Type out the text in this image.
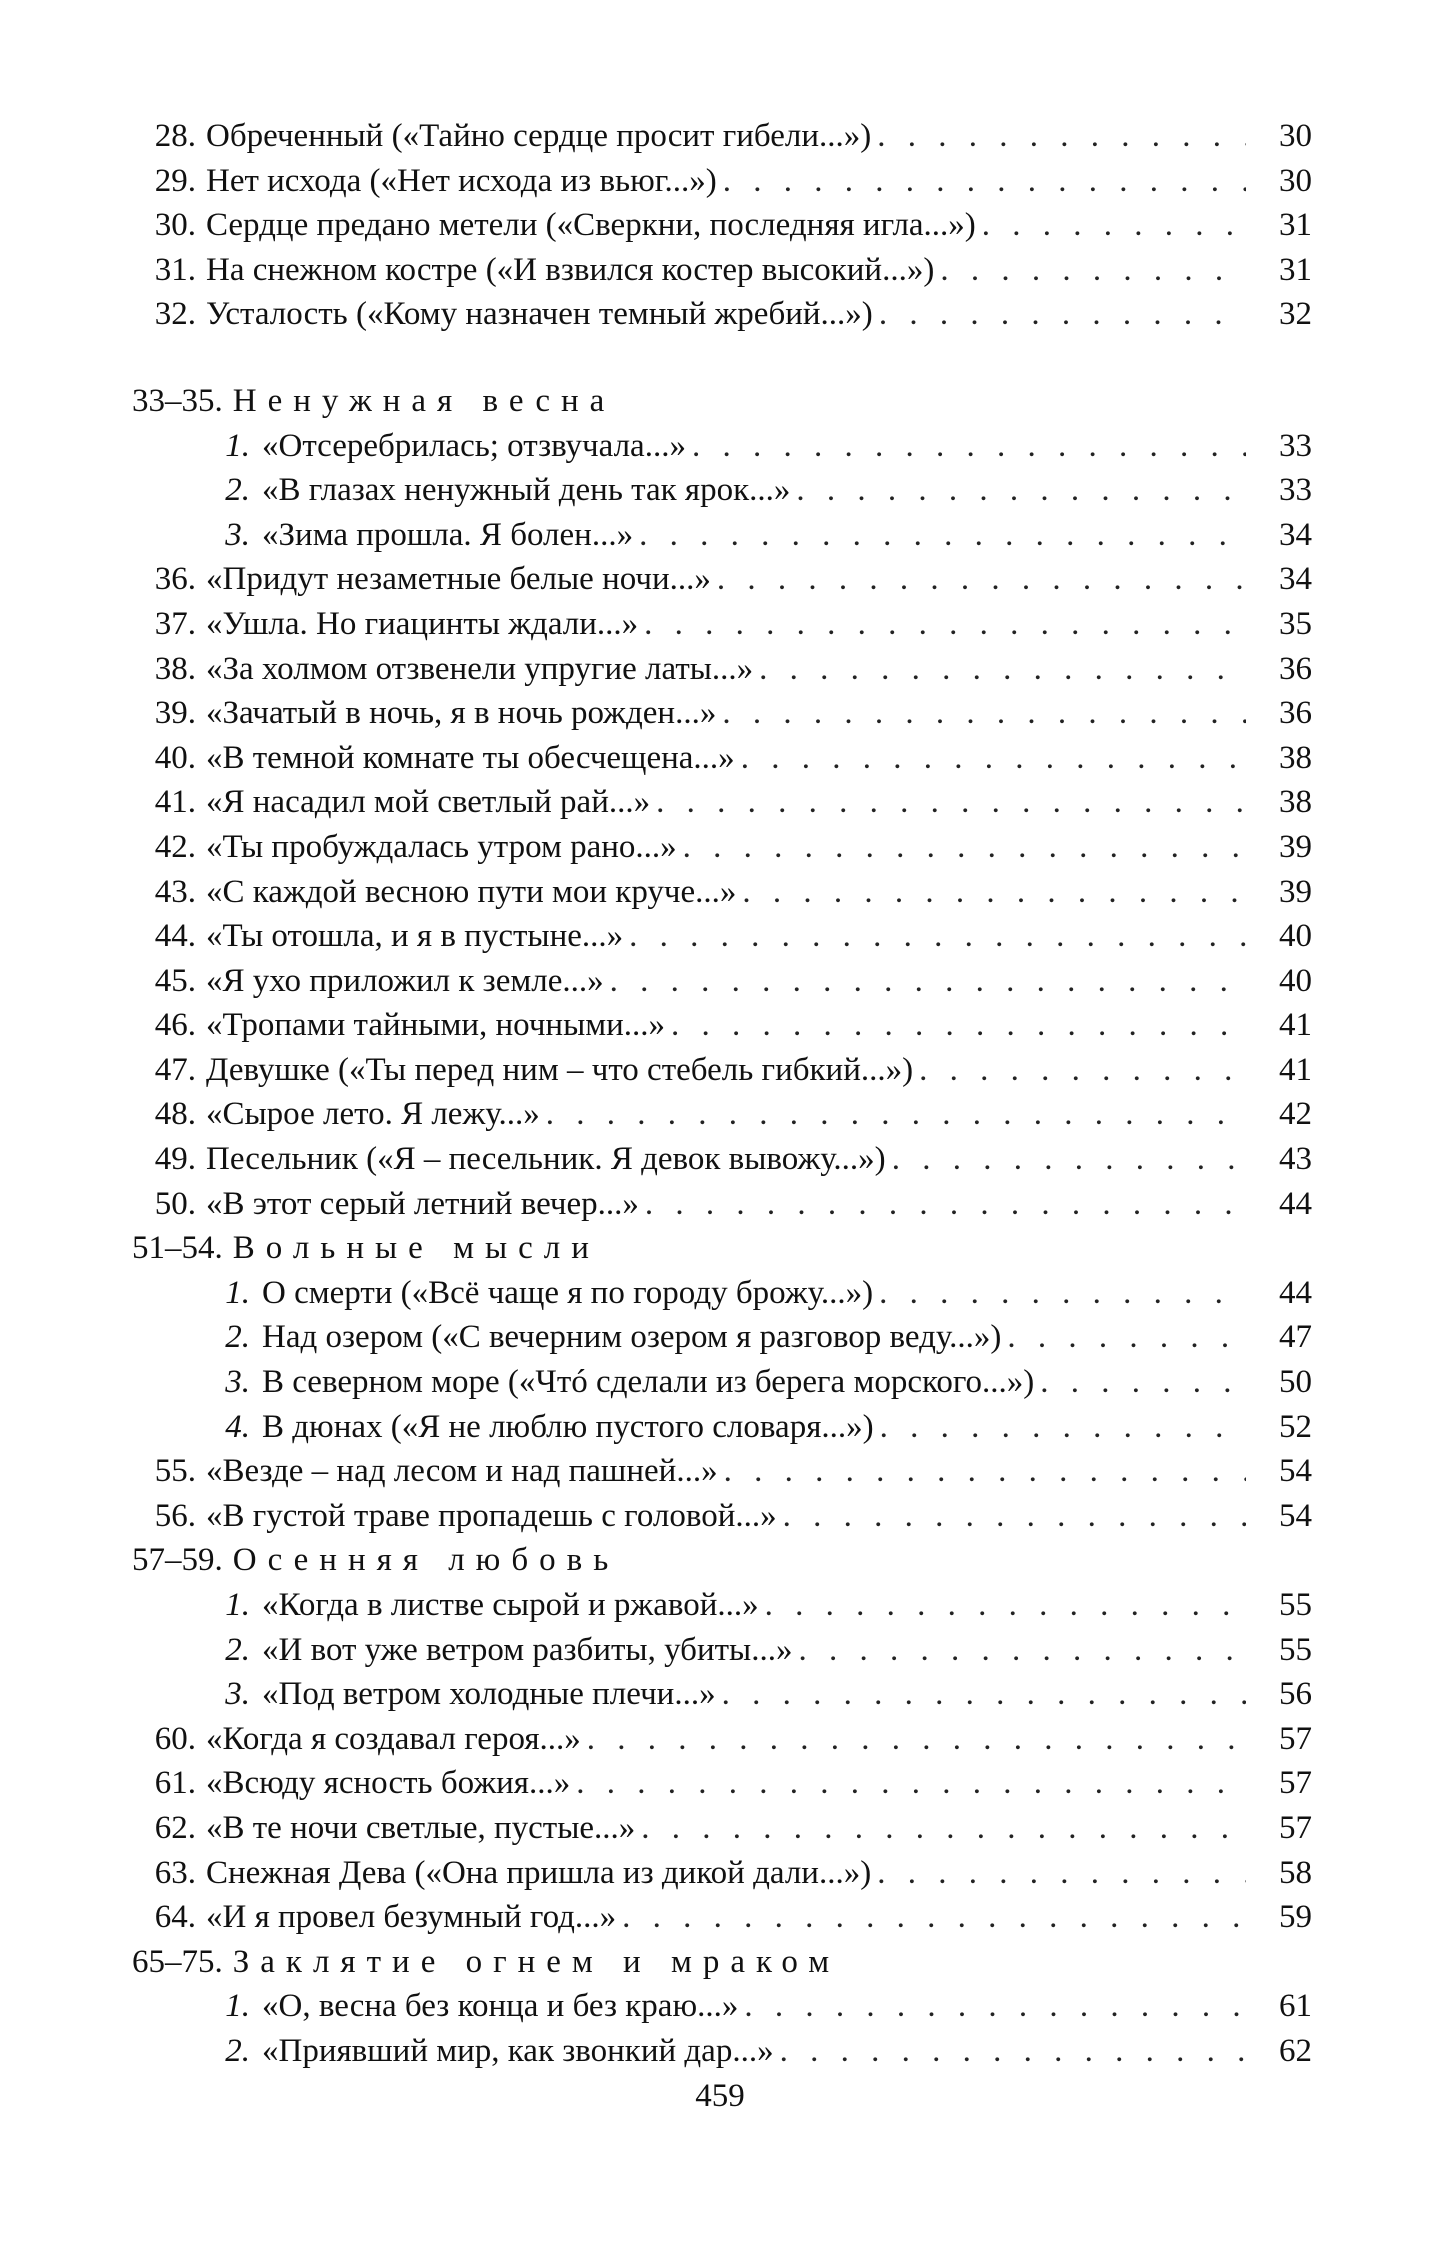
28. Обреченный («Тайно сердце просит гибели...») . . .	30
29. Нет исхода («Нет исхода из вьюг...») . . .	30
30. Сердце предано метели («Сверкни, последняя игла...») . . .	31
31. На снежном костре («И взвился костер высокий...») . . .	31
32. Усталость («Кому назначен темный жребий...») . . .	32
33–35. Ненужная весна
1. «Отсеребрилась; отзвучала...» . . .	33
2. «В глазах ненужный день так ярок...» . . .	33
3. «Зима прошла. Я болен...» . . .	34
36. «Придут незаметные белые ночи...» . . .	34
37. «Ушла. Но гиацинты ждали...» . . .	35
38. «За холмом отзвенели упругие латы...» . . .	36
39. «Зачатый в ночь, я в ночь рожден...» . . .	36
40. «В темной комнате ты обесчещена...» . . .	38
41. «Я насадил мой светлый рай...» . . .	38
42. «Ты пробуждалась утром рано...» . . .	39
43. «С каждой весною пути мои круче...» . . .	39
44. «Ты отошла, и я в пустыне...» . . .	40
45. «Я ухо приложил к земле...» . . .	40
46. «Тропами тайными, ночными...» . . .	41
47. Девушке («Ты перед ним – что стебель гибкий...») . . .	41
48. «Сырое лето. Я лежу...» . . .	42
49. Песельник («Я – песельник. Я девок вывожу...») . . .	43
50. «В этот серый летний вечер...» . . .	44
51–54. Вольные мысли
1. О смерти («Всё чаще я по городу брожу...») . . .	44
2. Над озером («С вечерним озером я разговор веду...») . . .	47
3. В северном море («Чтó сделали из берега морского...») . . .	50
4. В дюнах («Я не люблю пустого словаря...») . . .	52
55. «Везде – над лесом и над пашней...» . . .	54
56. «В густой траве пропадешь с головой...» . . .	54
57–59. Осенняя любовь
1. «Когда в листве сырой и ржавой...» . . .	55
2. «И вот уже ветром разбиты, убиты...» . . .	55
3. «Под ветром холодные плечи...» . . .	56
60. «Когда я создавал героя...» . . .	57
61. «Всюду ясность божия...» . . .	57
62. «В те ночи светлые, пустые...» . . .	57
63. Снежная Дева («Она пришла из дикой дали...») . . .	58
64. «И я провел безумный год...» . . .	59
65–75. Заклятие огнем и мраком
1. «О, весна без конца и без краю...» . . .	61
2. «Приявший мир, как звонкий дар...» . . .	62
459
